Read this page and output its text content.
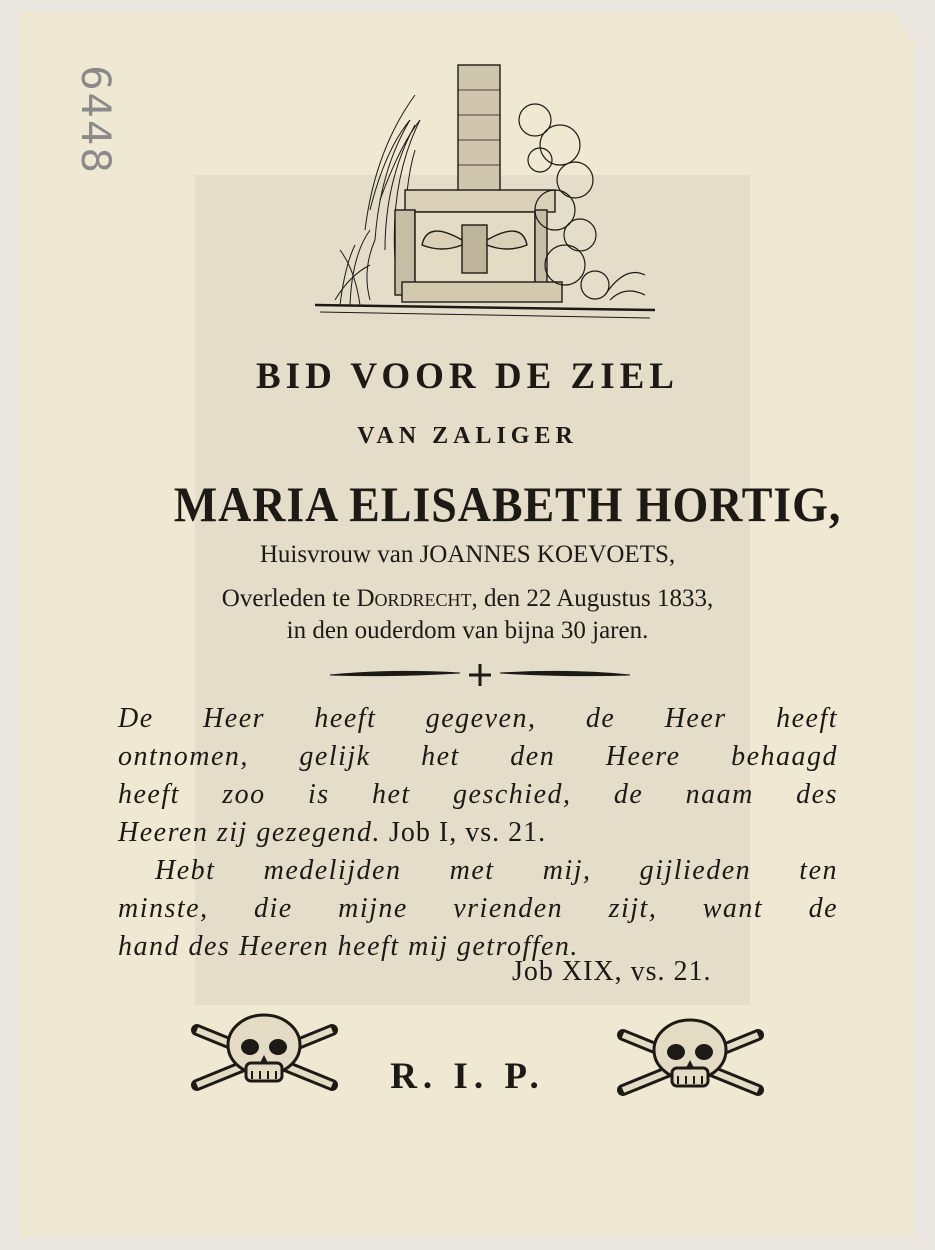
6448
BID VOOR DE ZIEL
VAN ZALIGER
MARIA ELISABETH HORTIG,
Huisvrouw van JOANNES KOEVOETS,
Overleden te Dordrecht, den 22 Augustus 1833,
in den ouderdom van bijna 30 jaren.
De Heer heeft gegeven, de Heer heeft
ontnomen, gelijk het den Heere behaagd
heeft zoo is het geschied, de naam des
Heeren zij gezegend. Job I, vs. 21.
Hebt medelijden met mij, gijlieden ten
minste, die mijne vrienden zijt, want de
hand des Heeren heeft mij getroffen.
Job XIX, vs. 21.
R. I. P.
